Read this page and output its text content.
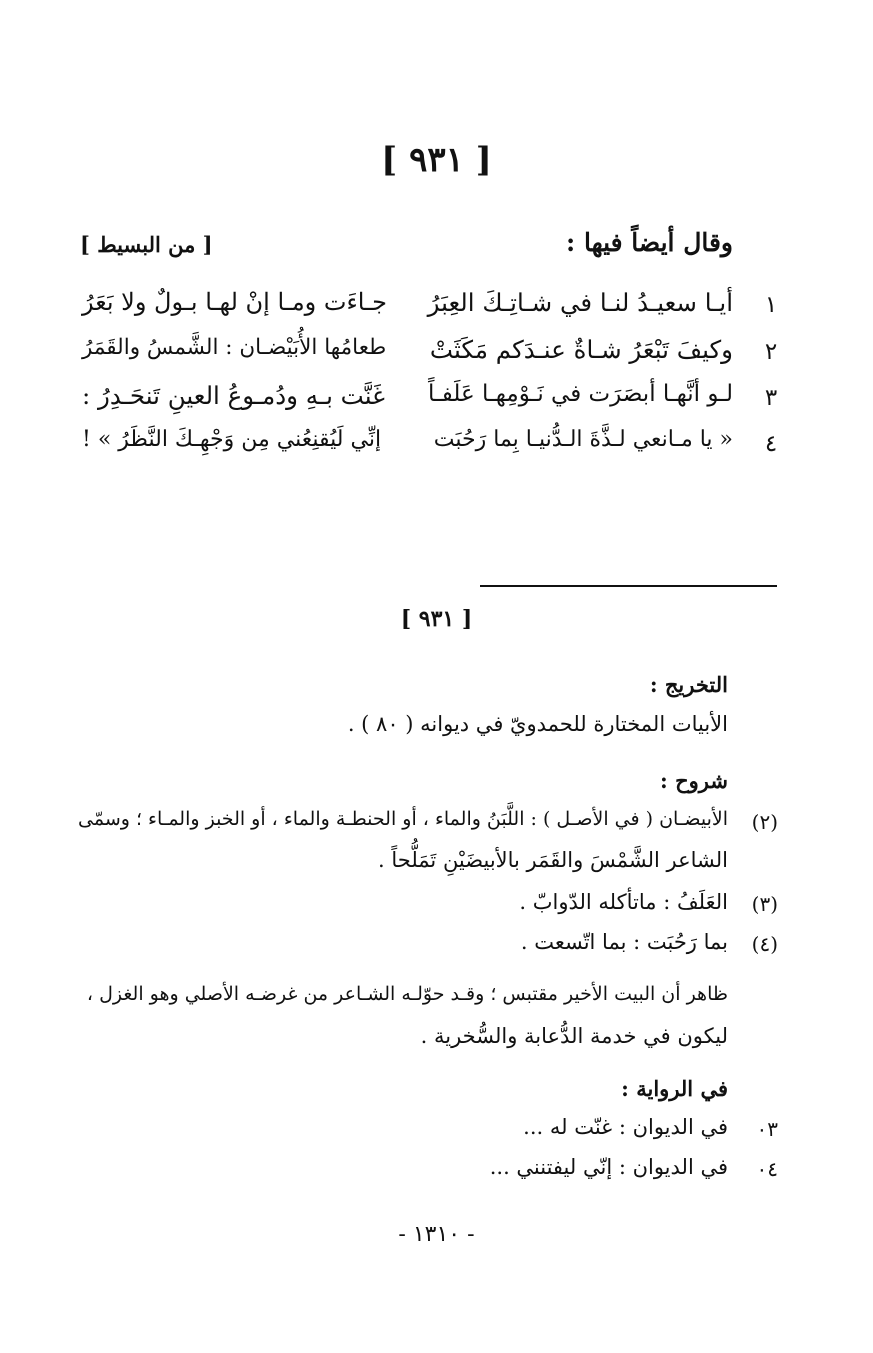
[ ٩٣١ ]
وقال أيضاً فيها :
[ من البسيط ]
١
أيـا سعيـدُ لنـا في شـاتِـكَ العِبَرُ
جـاءَت ومـا إنْ لهـا بـولٌ ولا بَعَرُ
٢
وكيفَ تَبْعَرُ شـاةٌ عنـدَكم مَكَثَتْ
طعامُها الأُبَيْضـان : الشَّمسُ والقَمَرُ
٣
لـو أنَّهـا أبصَرَت في نَـوْمِهـا عَلَفـاً
غَنَّت بـهِ ودُمـوعُ العينِ تَنحَـدِرُ :
٤
« يا مـانعي لـذَّةَ الـدُّنيـا بِما رَحُبَت
إنِّي لَيُقنِعُني مِن وَجْهِـكَ النَّظَرُ » !
[ ٩٣١ ]
التخريج :
الأبيات المختارة للحمدويّ في ديوانه ( ٨٠ ) .
شروح :
(٢)
الأبيضـان ( في الأصـل ) : اللَّبَنُ والماء ، أو الحنطـة والماء ، أو الخبز والمـاء ؛ وسمّى
الشاعر الشَّمْسَ والقَمَر بالأبيضَيْنِ تَمَلُّحاً .
(٣)
العَلَفُ : ماتأكله الدّوابّ .
(٤)
بما رَحُبَت : بما اتّسعت .
ظاهر أن البيت الأخير مقتبس ؛ وقـد حوّلـه الشـاعر من غرضـه الأصلي وهو الغزل ،
ليكون في خدمة الدُّعابة والسُّخرية .
في الرواية :
٠٣
في الديوان : غنّت له ...
٠٤
في الديوان : إنّي ليفتنني ...
- ١٣١٠ -
